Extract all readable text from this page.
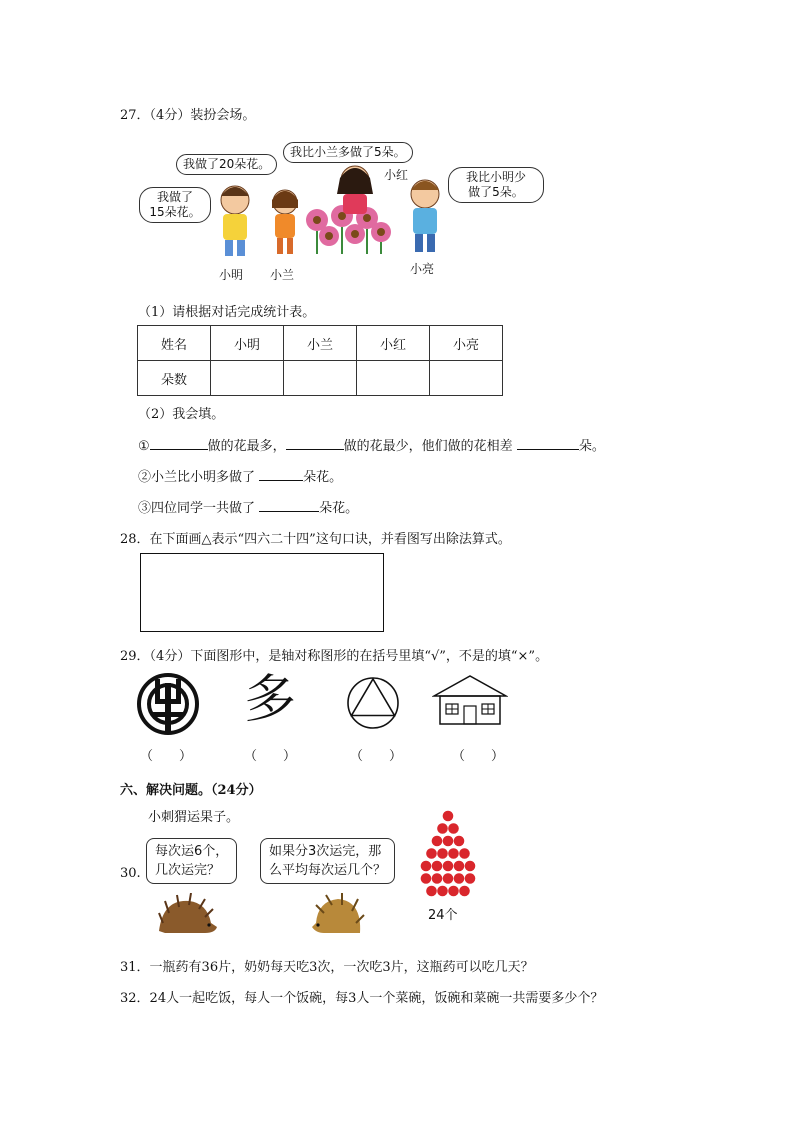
27．（4分）装扮会场。
我做了
15朵花。
我做了20朵花。
我比小兰多做了5朵。
我比小明少
做了5朵。
小明 小兰
小红
小亮
（1）请根据对话完成统计表。
姓名	小明	小兰	小红	小亮
朵数				
（2）我会填。
①	做的花最多，	做的花最少，他们做的花相差	朵。
②小兰比小明多做了	朵花。
③四位同学一共做了	朵花。
28．在下面画△表示“四六二十四”这句口诀，并看图写出除法算式。
29．（4分）下面图形中，是轴对称图形的在括号里填“√”，不是的填“×”。
多
（　　）	（　　）	（　　）	（　　）
六、解决问题。（24分）
小刺猬运果子。
30.
每次运6个，
几次运完？
如果分3次运完，那
么平均每次运几个？
24个
31．一瓶药有36片，奶奶每天吃3次，一次吃3片，这瓶药可以吃几天？
32．24人一起吃饭，每人一个饭碗，每3人一个菜碗，饭碗和菜碗一共需要多少个？
